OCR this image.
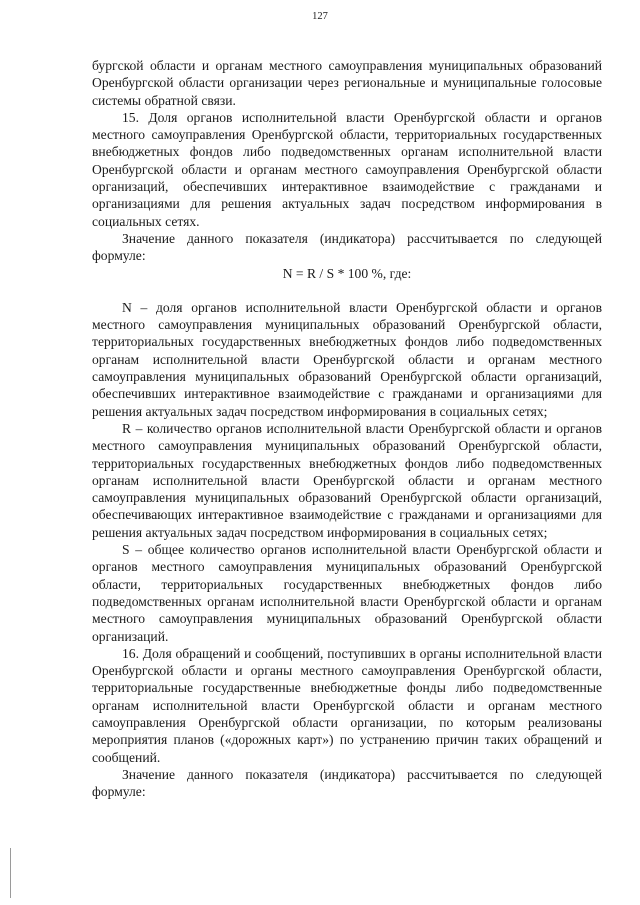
127

бургской области и органам местного самоуправления муниципальных образований Оренбургской области организации через региональные и муниципальные голосовые системы обратной связи.

15. Доля органов исполнительной власти Оренбургской области и органов местного самоуправления Оренбургской области, территориальных государственных внебюджетных фондов либо подведомственных органам исполнительной власти Оренбургской области и органам местного самоуправления Оренбургской области организаций, обеспечивших интерактивное взаимодействие с гражданами и организациями для решения актуальных задач посредством информирования в социальных сетях.

Значение данного показателя (индикатора) рассчитывается по следующей формуле:

N = R / S * 100 %, где:

N – доля органов исполнительной власти Оренбургской области и органов местного самоуправления муниципальных образований Оренбургской области, территориальных государственных внебюджетных фондов либо подведомственных органам исполнительной власти Оренбургской области и органам местного самоуправления муниципальных образований Оренбургской области организаций, обеспечивших интерактивное взаимодействие с гражданами и организациями для решения актуальных задач посредством информирования в социальных сетях;

R – количество органов исполнительной власти Оренбургской области и органов местного самоуправления муниципальных образований Оренбургской области, территориальных государственных внебюджетных фондов либо подведомственных органам исполнительной власти Оренбургской области и органам местного самоуправления муниципальных образований Оренбургской области организаций, обеспечивающих интерактивное взаимодействие с гражданами и организациями для решения актуальных задач посредством информирования в социальных сетях;

S – общее количество органов исполнительной власти Оренбургской области и органов местного самоуправления муниципальных образований Оренбургской области, территориальных государственных внебюджетных фондов либо подведомственных органам исполнительной власти Оренбургской области и органам местного самоуправления муниципальных образований Оренбургской области организаций.

16. Доля обращений и сообщений, поступивших в органы исполнительной власти Оренбургской области и органы местного самоуправления Оренбургской области, территориальные государственные внебюджетные фонды либо подведомственные органам исполнительной власти Оренбургской области и органам местного самоуправления Оренбургской области организации, по которым реализованы мероприятия планов («дорожных карт») по устранению причин таких обращений и сообщений.

Значение данного показателя (индикатора) рассчитывается по следующей формуле:
